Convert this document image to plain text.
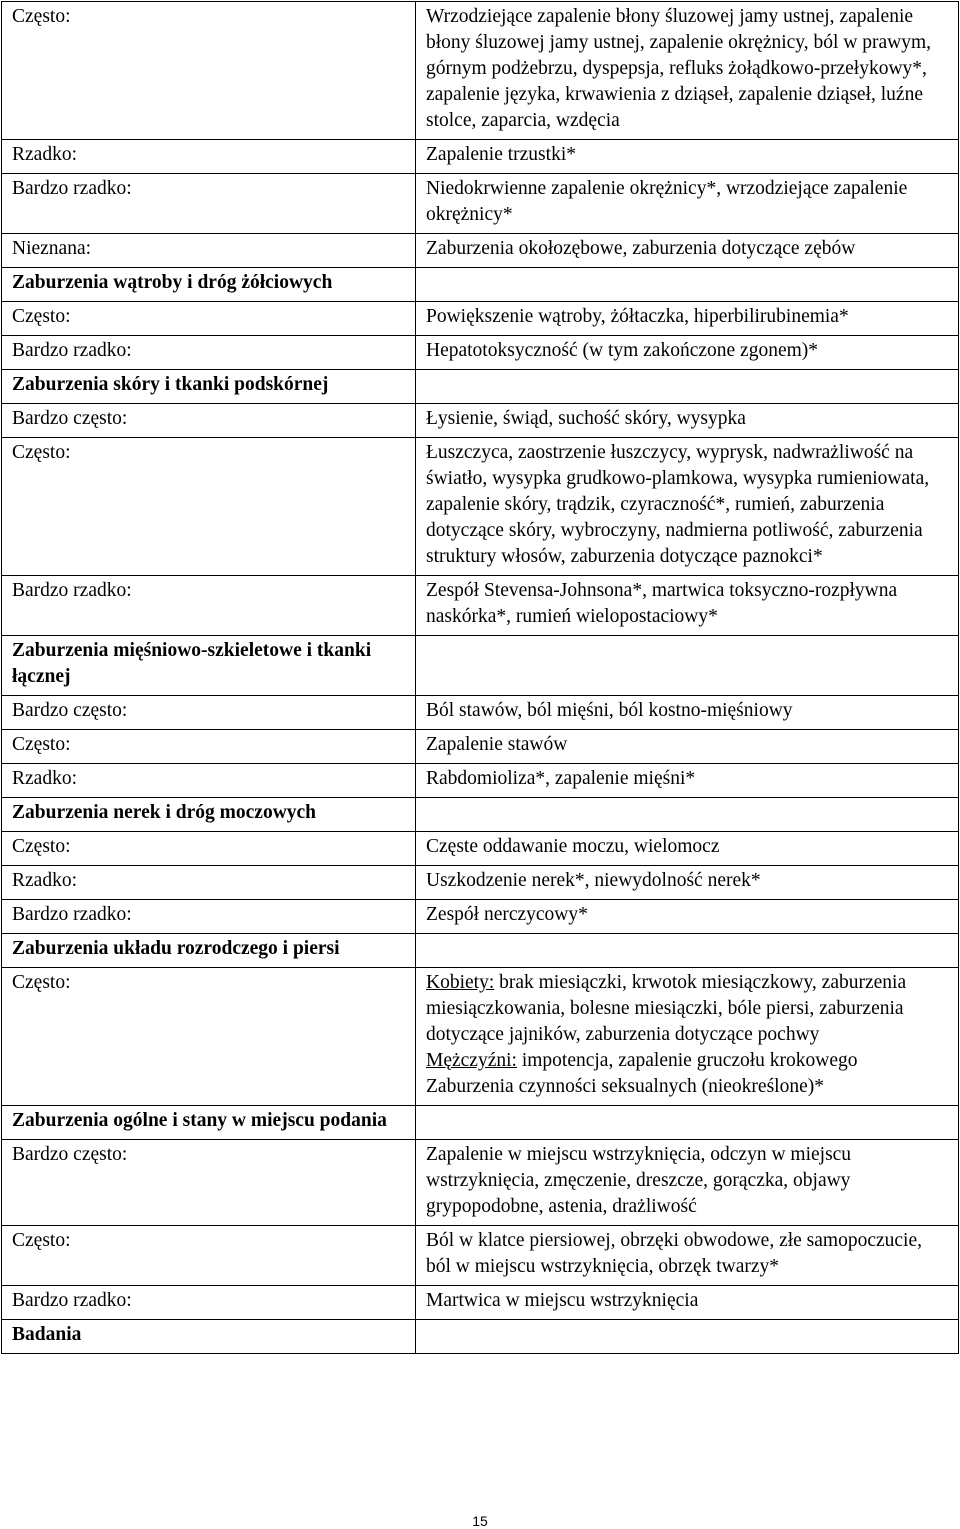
Często:	Wrzodziejące zapalenie błony śluzowej jamy ustnej, zapalenie błony śluzowej jamy ustnej, zapalenie okrężnicy, ból w prawym, górnym podżebrzu, dyspepsja, refluks żołądkowo-przełykowy*, zapalenie języka, krwawienia z dziąseł, zapalenie dziąseł, luźne stolce, zaparcia, wzdęcia
Rzadko:	Zapalenie trzustki*
Bardzo rzadko:	Niedokrwienne zapalenie okrężnicy*, wrzodziejące zapalenie okrężnicy*
Nieznana:	Zaburzenia okołozębowe, zaburzenia dotyczące zębów
Zaburzenia wątroby i dróg żółciowych	
Często:	Powiększenie wątroby, żółtaczka, hiperbilirubinemia*
Bardzo rzadko:	Hepatotoksyczność (w tym zakończone zgonem)*
Zaburzenia skóry i tkanki podskórnej	
Bardzo często:	Łysienie, świąd, suchość skóry, wysypka
Często:	Łuszczyca, zaostrzenie łuszczycy, wyprysk, nadwrażliwość na światło, wysypka grudkowo-plamkowa, wysypka rumieniowata, zapalenie skóry, trądzik, czyraczność*, rumień, zaburzenia dotyczące skóry, wybroczyny, nadmierna potliwość, zaburzenia struktury włosów, zaburzenia dotyczące paznokci*
Bardzo rzadko:	Zespół Stevensa-Johnsona*, martwica toksyczno-rozpływna naskórka*, rumień wielopostaciowy*
Zaburzenia mięśniowo-szkieletowe i tkanki łącznej	
Bardzo często:	Ból stawów, ból mięśni, ból kostno-mięśniowy
Często:	Zapalenie stawów
Rzadko:	Rabdomioliza*, zapalenie mięśni*
Zaburzenia nerek i dróg moczowych	
Często:	Częste oddawanie moczu, wielomocz
Rzadko:	Uszkodzenie nerek*, niewydolność nerek*
Bardzo rzadko:	Zespół nerczycowy*
Zaburzenia układu rozrodczego i piersi	
Często:	Kobiety: brak miesiączki, krwotok miesiączkowy, zaburzenia miesiączkowania, bolesne miesiączki, bóle piersi, zaburzenia dotyczące jajników, zaburzenia dotyczące pochwy
Mężczyźni: impotencja, zapalenie gruczołu krokowego
Zaburzenia czynności seksualnych (nieokreślone)*

Zaburzenia ogólne i stany w miejscu podania	
Bardzo często:	Zapalenie w miejscu wstrzyknięcia, odczyn w miejscu wstrzyknięcia, zmęczenie, dreszcze, gorączka, objawy grypopodobne, astenia, drażliwość
Często:	Ból w klatce piersiowej, obrzęki obwodowe, złe samopoczucie, ból w miejscu wstrzyknięcia, obrzęk twarzy*
Bardzo rzadko:	Martwica w miejscu wstrzyknięcia
Badania	
15
